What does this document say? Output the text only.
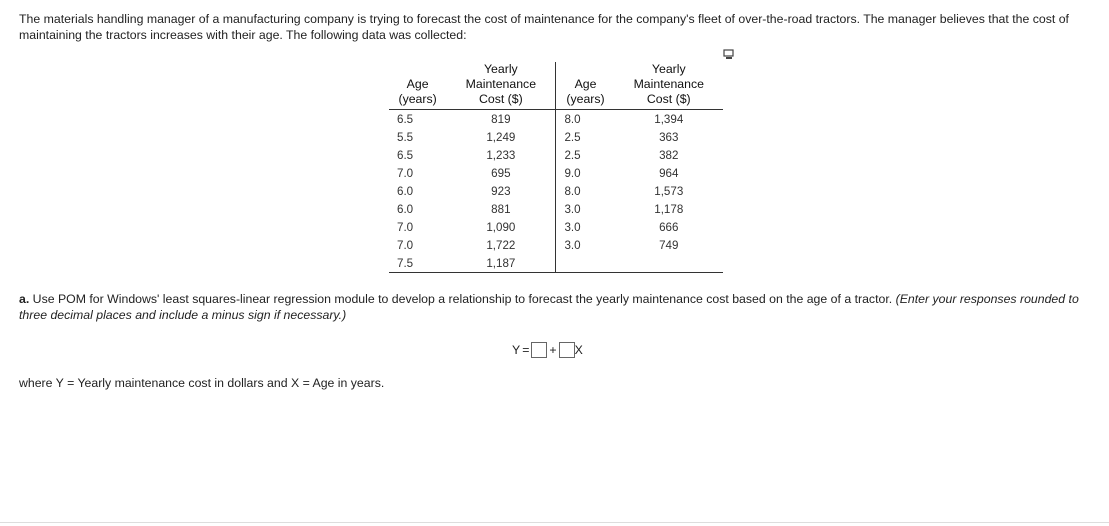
The materials handling manager of a manufacturing company is trying to forecast the cost of maintenance for the company's fleet of over-the-road tractors. The manager believes that the cost of maintaining the tractors increases with their age. The following data was collected:
Age
(years)	Yearly
Maintenance
Cost ($)	Age
(years)	Yearly
Maintenance
Cost ($)
6.5	819	8.0	1,394
5.5	1,249	2.5	363
6.5	1,233	2.5	382
7.0	695	9.0	964
6.0	923	8.0	1,573
6.0	881	3.0	1,178
7.0	1,090	3.0	666
7.0	1,722	3.0	749
7.5	1,187		
a. Use POM for Windows' least squares-linear regression module to develop a relationship to forecast the yearly maintenance cost based on the age of a tractor. (Enter your responses rounded to three decimal places and include a minus sign if necessary.)
Y = + X
where Y = Yearly maintenance cost in dollars and X = Age in years.
